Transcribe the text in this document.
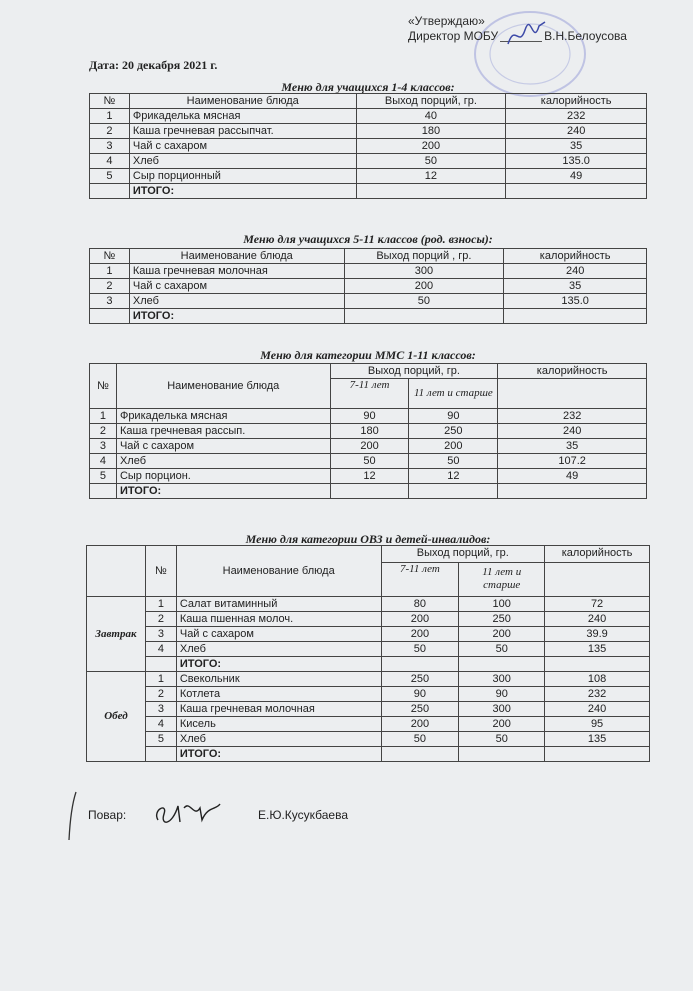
«Утверждаю»
Директор МОБУ	В.Н.Белоусова
Дата: 20 декабря 2021 г.
Меню для учащихся 1-4 классов:
№	Наименование блюда	Выход порций, гр.	калорийность
1	Фрикаделька мясная	40	232
2	Каша гречневая рассыпчат.	180	240
3	Чай с сахаром	200	35
4	Хлеб	50	135.0
5	Сыр порционный	12	49
	ИТОГО:		
Меню для учащихся 5-11 классов (род. взносы):
№	Наименование блюда	Выход порций , гр.	калорийность
1	Каша гречневая молочная	300	240
2	Чай с сахаром	200	35
3	Хлеб	50	135.0
	ИТОГО:		
Меню для категории ММС 1-11 классов:
№	Наименование блюда	Выход порций, гр.		калорийность
		7-11 лет	11 лет и старше	
1	Фрикаделька мясная	90	90	232
2	Каша гречневая рассып.	180	250	240
3	Чай с сахаром	200	200	35
4	Хлеб	50	50	107.2
5	Сыр порцион.	12	12	49
	ИТОГО:			
Меню для категории ОВЗ и детей-инвалидов:
	№	Наименование блюда	Выход порций, гр.		калорийность
			7-11 лет	11 лет и старше	
Завтрак	1	Салат витаминный	80	100	72
	2	Каша пшенная молоч.	200	250	240
	3	Чай с сахаром	200	200	39.9
	4	Хлеб	50	50	135
		ИТОГО:			
Обед	1	Свекольник	250	300	108
	2	Котлета	90	90	232
	3	Каша гречневая молочная	250	300	240
	4	Кисель	200	200	95
	5	Хлеб	50	50	135
		ИТОГО:			
Повар:	Е.Ю.Кусукбаева
